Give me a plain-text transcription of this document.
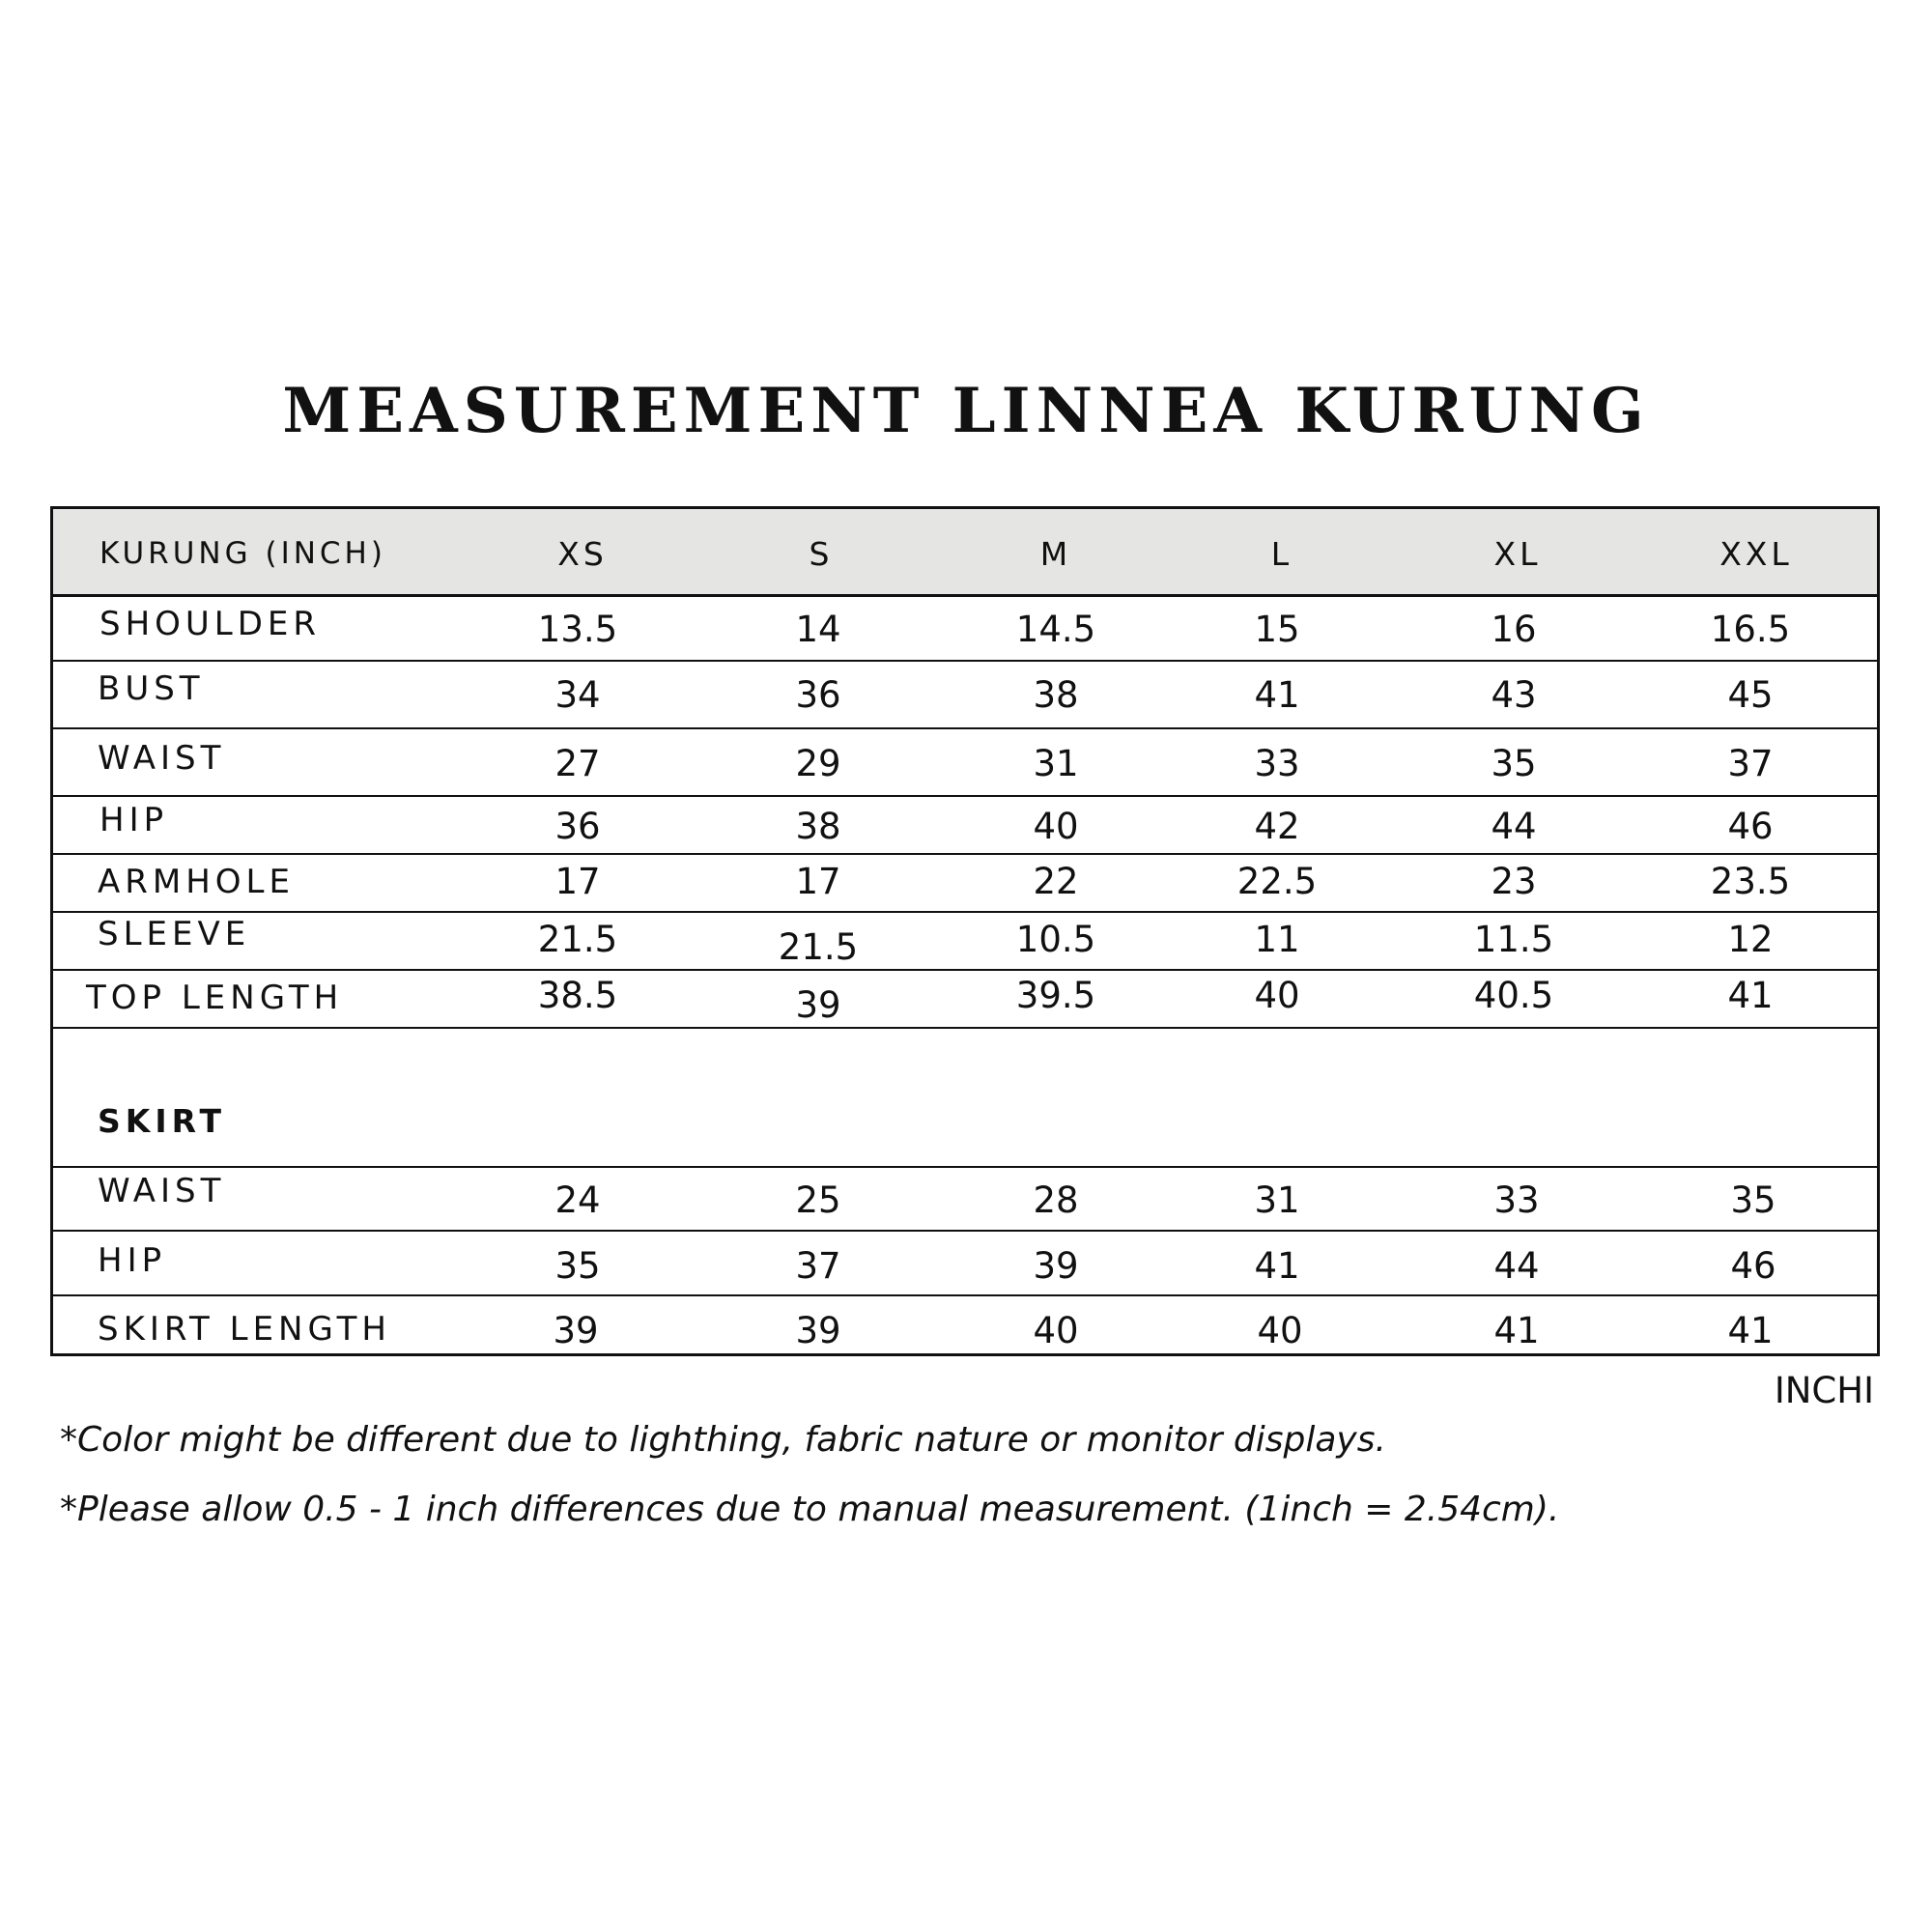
MEASUREMENT LINNEA KURUNG
KURUNG (INCH)	XS	S	M	L	XL	XXL
SHOULDER	13.5	14	14.5	15	16	16.5
BUST	34	36	38	41	43	45
WAIST	27	29	31	33	35	37
HIP	36	38	40	42	44	46
ARMHOLE	17	17	22	22.5	23	23.5
SLEEVE	21.5	21.5	10.5	11	11.5	12
TOP LENGTH	38.5	39	39.5	40	40.5	41
SKIRT
WAIST	24	25	28	31	33	35
HIP	35	37	39	41	44	46
SKIRT LENGTH	39	39	40	40	41	41
INCHI
*Color might be different due to lighthing, fabric nature or monitor displays.
*Please allow 0.5 - 1 inch differences due to manual measurement. (1inch = 2.54cm).
